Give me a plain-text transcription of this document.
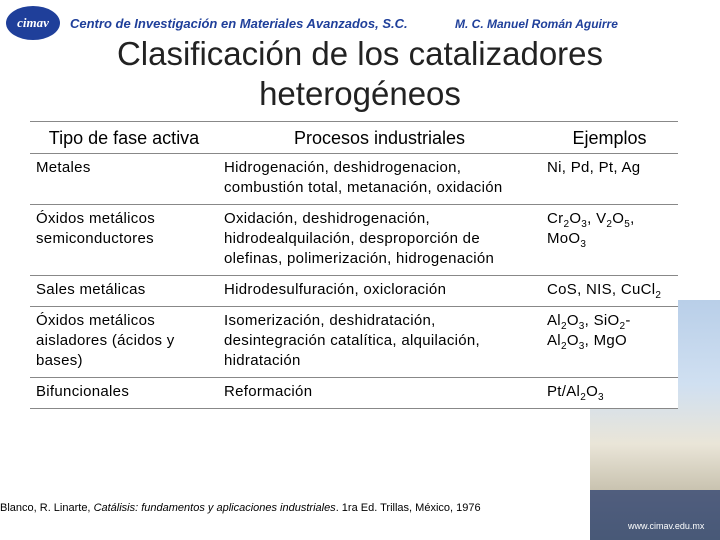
cimav	Centro de Investigación en Materiales Avanzados, S.C.	M. C. Manuel Román Aguirre
Clasificación de los catalizadores
heterogéneos
www.cimav.edu.mx
Tipo de fase activa	Procesos industriales	Ejemplos
Metales	Hidrogenación, deshidrogenacion, combustión total, metanación, oxidación	Ni, Pd, Pt, Ag
Óxidos metálicos semiconductores	Oxidación, deshidrogenación, hidrodealquilación, desproporción de olefinas, polimerización, hidrogenación	$Cr_2O_3$, $V_2O_5$, MoO$_3$
Sales metálicas	Hidrodesulfuración, oxicloración	CoS, NIS, CuCl$_2$
Óxidos metálicos aisladores (ácidos y bases)	Isomerización, deshidratación, desintegración catalítica, alquilación, hidratación	$Al_2O_3$, $SiO_2-Al_2O_3$, MgO
Bifuncionales	Reformación	$Pt/Al_2O_3$
Blanco, R. Linarte, Catálisis: fundamentos y aplicaciones industriales. 1ra Ed. Trillas, México, 1976
